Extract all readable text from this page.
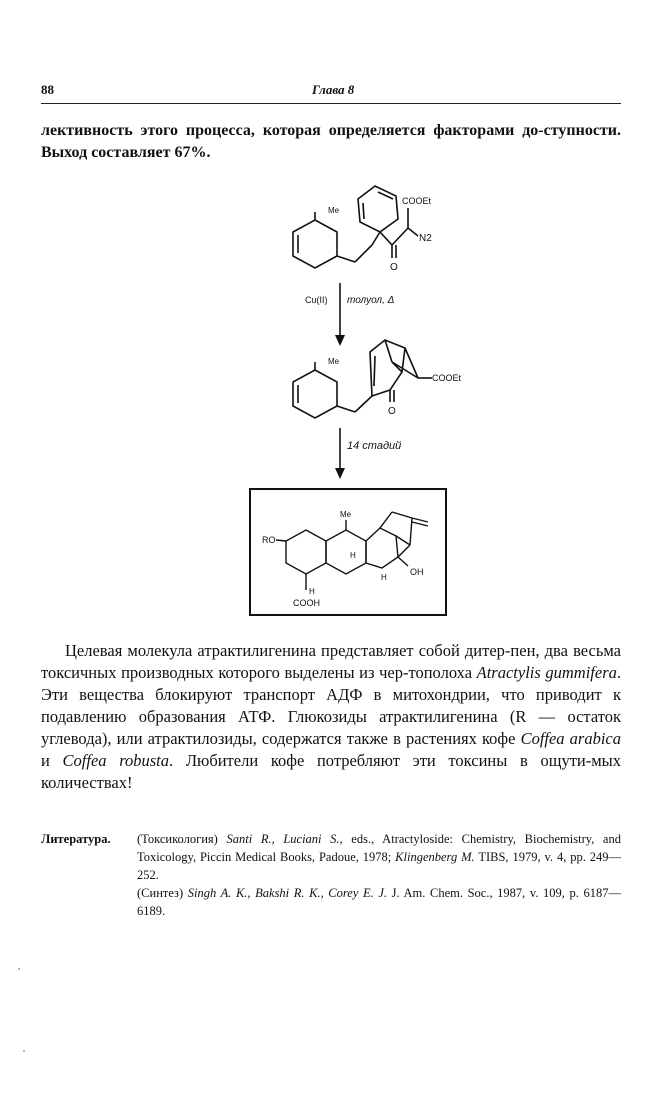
88	Глава 8

лективность этого процесса, которая определяется факторами до-ступности. Выход составляет 67%.

Me
COOEt
N2
O
Cu(II) толуол, Δ
Me
COOEt
O
14 стадий
RO
Me
H
H
H
OH
COOH

Целевая молекула атрактилигенина представляет собой дитер-пен, два весьма токсичных производных которого выделены из чер-тополоха Atractylis gummifera. Эти вещества блокируют транспорт АДФ в митохондрии, что приводит к подавлению образования АТФ. Глюкозиды атрактилигенина (R — остаток углевода), или атрактилозиды, содержатся также в растениях кофе Coffea arabica и Coffea robusta. Любители кофе потребляют эти токсины в ощути-мых количествах!

Литература. (Токсикология) Santi R., Luciani S., eds., Atractyloside: Chemistry, Biochemistry, and Toxicology, Piccin Medical Books, Padoue, 1978; Klingenberg M. TIBS, 1979, v. 4, pp. 249—252.
(Синтез) Singh A. K., Bakshi R. K., Corey E. J. J. Am. Chem. Soc., 1987, v. 109, p. 6187—6189.
